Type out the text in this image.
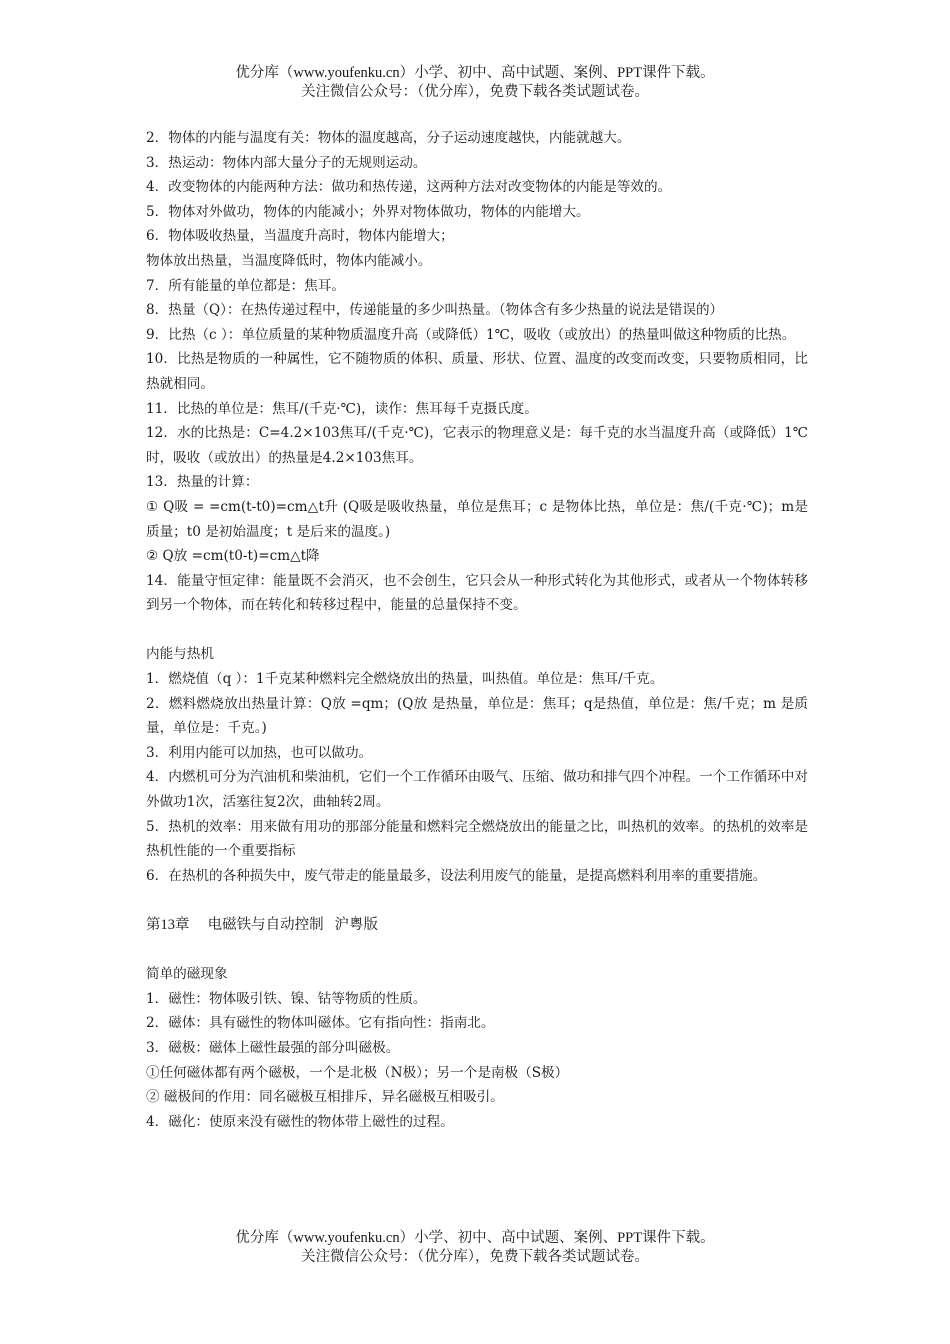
优分库（www.youfenku.cn）小学、初中、高中试题、案例、PPT课件下载。
关注微信公众号：（优分库），免费下载各类试题试卷。

2．物体的内能与温度有关：物体的温度越高，分子运动速度越快，内能就越大。

3．热运动：物体内部大量分子的无规则运动。

4．改变物体的内能两种方法：做功和热传递，这两种方法对改变物体的内能是等效的。

5．物体对外做功，物体的内能减小；外界对物体做功，物体的内能增大。

6．物体吸收热量，当温度升高时，物体内能增大；

物体放出热量，当温度降低时，物体内能减小。

7．所有能量的单位都是：焦耳。

8．热量（Q）：在热传递过程中，传递能量的多少叫热量。（物体含有多少热量的说法是错误的）

9．比热（c ）：单位质量的某种物质温度升高（或降低）1℃，吸收（或放出）的热量叫做这种物质的比热。

10．比热是物质的一种属性，它不随物质的体积、质量、形状、位置、温度的改变而改变，只要物质相同，比热就相同。

11．比热的单位是：焦耳/(千克·℃)，读作：焦耳每千克摄氏度。

12．水的比热是：C=4.2×103焦耳/(千克·℃)，它表示的物理意义是：每千克的水当温度升高（或降低）1℃时，吸收（或放出）的热量是4.2×103焦耳。

13．热量的计算：

① Q吸 = =cm(t-t0)=cm△t升 (Q吸是吸收热量，单位是焦耳；c 是物体比热，单位是：焦/(千克·℃)；m是质量；t0 是初始温度；t 是后来的温度。)

② Q放 =cm(t0-t)=cm△t降

14．能量守恒定律：能量既不会消灭，也不会创生，它只会从一种形式转化为其他形式，或者从一个物体转移到另一个物体，而在转化和转移过程中，能量的总量保持不变。

内能与热机

1．燃烧值（q ）：1千克某种燃料完全燃烧放出的热量，叫热值。单位是：焦耳/千克。

2．燃料燃烧放出热量计算：Q放 =qm；(Q放 是热量，单位是：焦耳；q是热值，单位是：焦/千克；m 是质量，单位是：千克。)

3．利用内能可以加热，也可以做功。

4．内燃机可分为汽油机和柴油机，它们一个工作循环由吸气、压缩、做功和排气四个冲程。一个工作循环中对外做功1次，活塞往复2次，曲轴转2周。

5．热机的效率：用来做有用功的那部分能量和燃料完全燃烧放出的能量之比，叫热机的效率。的热机的效率是热机性能的一个重要指标

6．在热机的各种损失中，废气带走的能量最多，设法利用废气的能量，是提高燃料利用率的重要措施。

第13章     电磁铁与自动控制   沪粤版

简单的磁现象

1．磁性：物体吸引铁、镍、钴等物质的性质。

2．磁体：具有磁性的物体叫磁体。它有指向性：指南北。

3．磁极：磁体上磁性最强的部分叫磁极。

①任何磁体都有两个磁极，一个是北极（N极）；另一个是南极（S极）

② 磁极间的作用：同名磁极互相排斥，异名磁极互相吸引。

4．磁化：使原来没有磁性的物体带上磁性的过程。

优分库（www.youfenku.cn）小学、初中、高中试题、案例、PPT课件下载。
关注微信公众号：（优分库），免费下载各类试题试卷。
